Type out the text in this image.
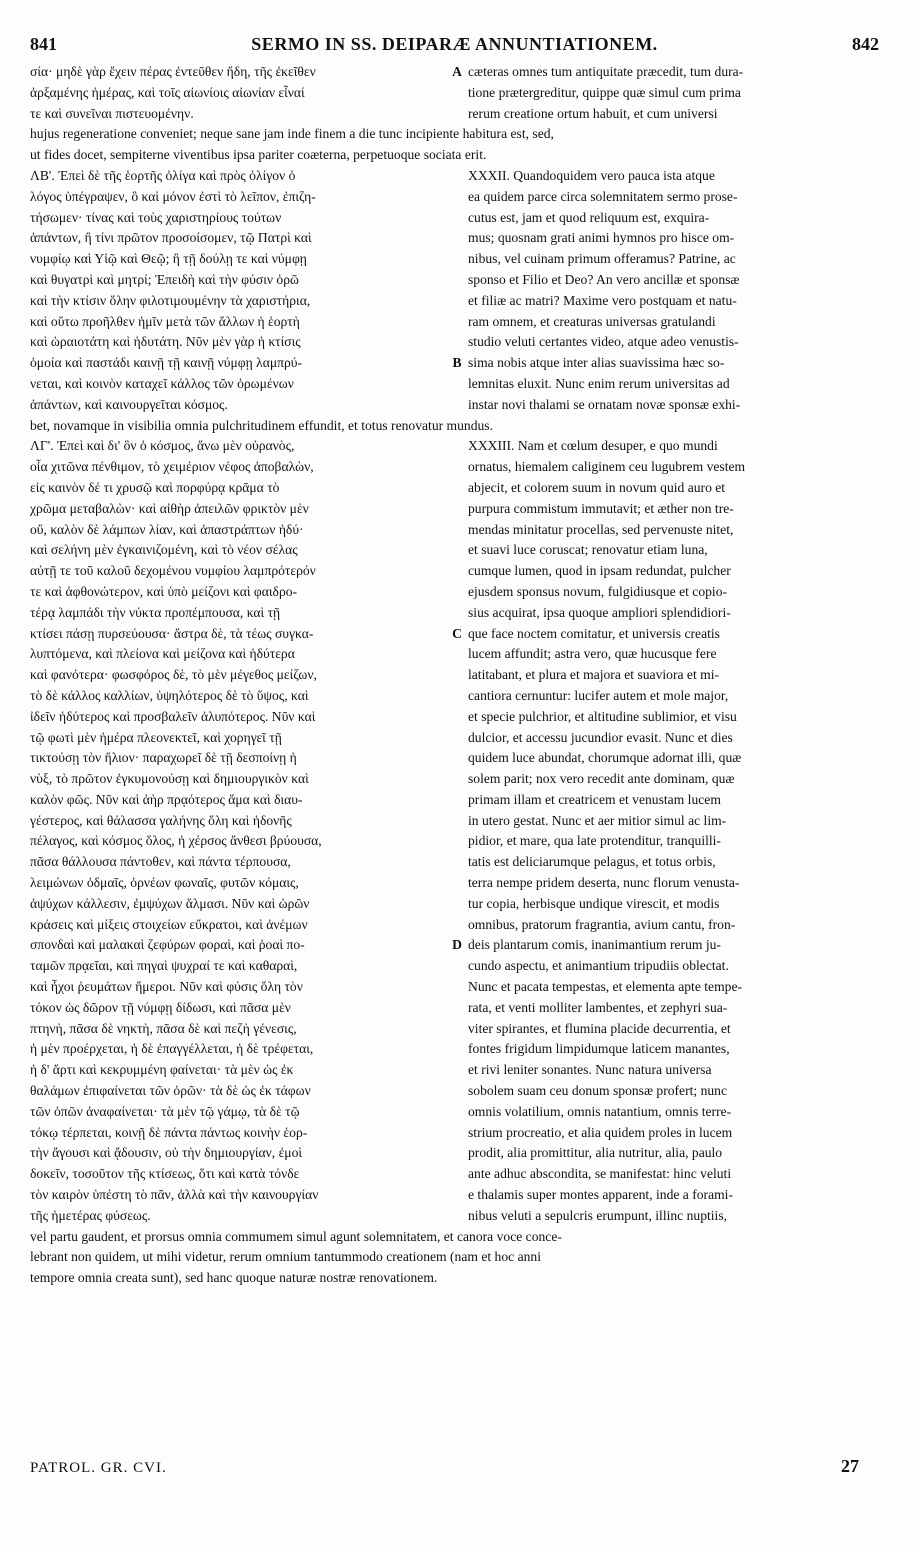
841	SERMO IN SS. DEIPARÆ ANNUNTIATIONEM.	842
σία· μηδὲ γὰρ ἔχειν πέρας ἐντεῦθεν ἤδη, τῆς ἐκεῖθεν	A cæteras omnes tum antiquitate præcedit, tum dura-
ἀρξαμένης ἡμέρας, καὶ τοῖς αἰωνίοις αἰωνίαν εἶναί	tione prætergreditur, quippe quæ simul cum prima
τε καὶ συνεῖναι πιστευομένην.	rerum creatione ortum habuit, et cum universi
hujus regeneratione conveniet; neque sane jam inde finem a die tunc incipiente habitura est, sed,
ut fides docet, sempiterne viventibus ipsa pariter coæterna, perpetuoque sociata erit.
ΛΒ'. Ἐπεὶ δὲ τῆς ἑορτῆς ὀλίγα καὶ πρὸς ὀλίγον ὁ	XXXII. Quandoquidem vero pauca ista atque
λόγος ὑπέγραψεν, ὃ καὶ μόνον ἐστὶ τὸ λεῖπον, ἐπιζη-	ea quidem parce circa solemnitatem sermo prose-
τήσωμεν· τίνας καὶ τοὺς χαριστηρίους τούτων	cutus est, jam et quod reliquum est, exquira-
ἁπάντων, ἢ τίνι πρῶτον προσοίσομεν, τῷ Πατρὶ καὶ	mus; quosnam grati animi hymnos pro hisce om-
νυμφίῳ καὶ Υἱῷ καὶ Θεῷ; ἢ τῇ δούλῃ τε καὶ νύμφῃ	nibus, vel cuinam primum offeramus? Patrine, ac
καὶ θυγατρὶ καὶ μητρί; Ἐπειδὴ καὶ τὴν φύσιν ὁρῶ	sponso et Filio et Deo? An vero ancillæ et sponsæ
καὶ τὴν κτίσιν ὅλην φιλοτιμουμένην τὰ χαριστήρια,	et filiæ ac matri? Maxime vero postquam et natu-
καὶ οὕτω προῆλθεν ἡμῖν μετὰ τῶν ἄλλων ἡ ἑορτὴ	ram omnem, et creaturas universas gratulandi
καὶ ὡραιοτάτη καὶ ἡδυτάτη. Νῦν μὲν γὰρ ἡ κτίσις	studio veluti certantes video, atque adeo venustis-
ὁμοία καὶ παστάδι καινῇ τῇ καινῇ νύμφῃ λαμπρύ-	B sima nobis atque inter alias suavissima hæc so-
νεται, καὶ κοινὸν καταχεῖ κάλλος τῶν ὁρωμένων	lemnitas eluxit. Nunc enim rerum universitas ad
ἁπάντων, καὶ καινουργεῖται κόσμος.	instar novi thalami se ornatam novæ sponsæ exhi-
bet, novamque in visibilia omnia pulchritudinem effundit, et totus renovatur mundus.
ΛΓ'. Ἐπεὶ καὶ δι' ὃν ὁ κόσμος, ἄνω μὲν οὐρανὸς,	XXXIII. Nam et cœlum desuper, e quo mundi
οἷα χιτῶνα πένθιμον, τὸ χειμέριον νέφος ἀποβαλὼν,	ornatus, hiemalem caliginem ceu lugubrem vestem
εἰς καινὸν δέ τι χρυσῷ καὶ πορφύρᾳ κρᾶμα τὸ	abjecit, et colorem suum in novum quid auro et
χρῶμα μεταβαλὼν· καὶ αἰθὴρ ἀπειλῶν φρικτὸν μὲν	purpura commistum immutavit; et æther non tre-
οὔ, καλὸν δὲ λάμπων λίαν, καὶ ἀπαστράπτων ἡδύ·	mendas minitatur procellas, sed pervenuste nitet,
καὶ σελήνη μὲν ἐγκαινιζομένη, καὶ τὸ νέον σέλας	et suavi luce coruscat; renovatur etiam luna,
αὐτῇ τε τοῦ καλοῦ δεχομένου νυμφίου λαμπρότερόν	cumque lumen, quod in ipsam redundat, pulcher
τε καὶ ἀφθονώτερον, καὶ ὑπὸ μείζονι καὶ φαιδρο-	ejusdem sponsus novum, fulgidiusque et copio-
τέρᾳ λαμπάδι τὴν νύκτα προπέμπουσα, καὶ τῇ	sius acquirat, ipsa quoque ampliori splendidiori-
κτίσει πάσῃ πυρσεύουσα· ἄστρα δὲ, τὰ τέως συγκα-	C que face noctem comitatur, et universis creatis
λυπτόμενα, καὶ πλείονα καὶ μείζονα καὶ ἡδύτερα	lucem affundit; astra vero, quæ hucusque fere
καὶ φανότερα· φωσφόρος δὲ, τὸ μὲν μέγεθος μείζων,	latitabant, et plura et majora et suaviora et mi-
τὸ δὲ κάλλος καλλίων, ὑψηλότερος δὲ τὸ ὕψος, καὶ	cantiora cernuntur: lucifer autem et mole major,
ἰδεῖν ἡδύτερος καὶ προσβαλεῖν ἀλυπότερος. Νῦν καὶ	et specie pulchrior, et altitudine sublimior, et visu
τῷ φωτὶ μὲν ἡμέρα πλεονεκτεῖ, καὶ χορηγεῖ τῇ	dulcior, et accessu jucundior evasit. Nunc et dies
τικτούσῃ τὸν ἥλιον· παραχωρεῖ δὲ τῇ δεσποίνῃ ἡ	quidem luce abundat, chorumque adornat illi, quæ
νὺξ, τὸ πρῶτον ἐγκυμονούσῃ καὶ δημιουργικὸν καὶ	solem parit; nox vero recedit ante dominam, quæ
καλὸν φῶς. Νῦν καὶ ἀὴρ πρᾳότερος ἅμα καὶ διαυ-	primam illam et creatricem et venustam lucem
γέστερος, καὶ θάλασσα γαλήνης ὅλη καὶ ἡδονῆς	in utero gestat. Nunc et aer mitior simul ac lim-
πέλαγος, καὶ κόσμος ὅλος, ἡ χέρσος ἄνθεσι βρύουσα,	pidior, et mare, qua late protenditur, tranquilli-
πᾶσα θάλλουσα πάντοθεν, καὶ πάντα τέρπουσα,	tatis est deliciarumque pelagus, et totus orbis,
λειμώνων ὀδμαῖς, ὀρνέων φωναῖς, φυτῶν κόμαις,	terra nempe pridem deserta, nunc florum venusta-
ἀψύχων κάλλεσιν, ἐμψύχων ἅλμασι. Νῦν καὶ ὡρῶν	tur copia, herbisque undique virescit, et modis
κράσεις καὶ μίξεις στοιχείων εὔκρατοι, καὶ ἀνέμων	omnibus, pratorum fragrantia, avium cantu, fron-
σπονδαὶ καὶ μαλακαὶ ζεφύρων φοραὶ, καὶ ῥοαὶ πο-	D deis plantarum comis, inanimantium rerum ju-
ταμῶν πρᾳεῖαι, καὶ πηγαὶ ψυχραί τε καὶ καθαραὶ,	cundo aspectu, et animantium tripudiis oblectat.
καὶ ἦχοι ῥευμάτων ἥμεροι. Νῦν καὶ φύσις ὅλη τὸν	Nunc et pacata tempestas, et elementa apte tempe-
τόκον ὡς δῶρον τῇ νύμφῃ δίδωσι, καὶ πᾶσα μὲν	rata, et venti molliter lambentes, et zephyri sua-
πτηνὴ, πᾶσα δὲ νηκτὴ, πᾶσα δὲ καὶ πεζὴ γένεσις,	viter spirantes, et flumina placide decurrentia, et
ἡ μὲν προέρχεται, ἡ δὲ ἐπαγγέλλεται, ἡ δὲ τρέφεται,	fontes frigidum limpidumque laticem manantes,
ἡ δ' ἄρτι καὶ κεκρυμμένη φαίνεται· τὰ μὲν ὡς ἐκ	et rivi leniter sonantes. Nunc natura universa
θαλάμων ἐπιφαίνεται τῶν ὀρῶν· τὰ δὲ ὡς ἐκ τάφων	sobolem suam ceu donum sponsæ profert; nunc
τῶν ὀπῶν ἀναφαίνεται· τὰ μὲν τῷ γάμῳ, τὰ δὲ τῷ	omnis volatilium, omnis natantium, omnis terre-
τόκῳ τέρπεται, κοινῇ δὲ πάντα πάντως κοινὴν ἑορ-	strium procreatio, et alia quidem proles in lucem
τὴν ἄγουσι καὶ ᾄδουσιν, οὐ τὴν δημιουργίαν, ἐμοὶ	prodit, alia promittitur, alia nutritur, alia, paulo
δοκεῖν, τοσοῦτον τῆς κτίσεως, ὅτι καὶ κατὰ τόνδε	ante adhuc abscondita, se manifestat: hinc veluti
τὸν καιρὸν ὑπέστη τὸ πᾶν, ἀλλὰ καὶ τὴν καινουργίαν	e thalamis super montes apparent, inde a forami-
τῆς ἡμετέρας φύσεως.	nibus veluti a sepulcris erumpunt, illinc nuptiis,
vel partu gaudent, et prorsus omnia commumem simul agunt solemnitatem, et canora voce conce-
lebrant non quidem, ut mihi videtur, rerum omnium tantummodo creationem (nam et hoc anni
tempore omnia creata sunt), sed hanc quoque naturæ nostræ renovationem.
PATROL. GR. CVI.	27
